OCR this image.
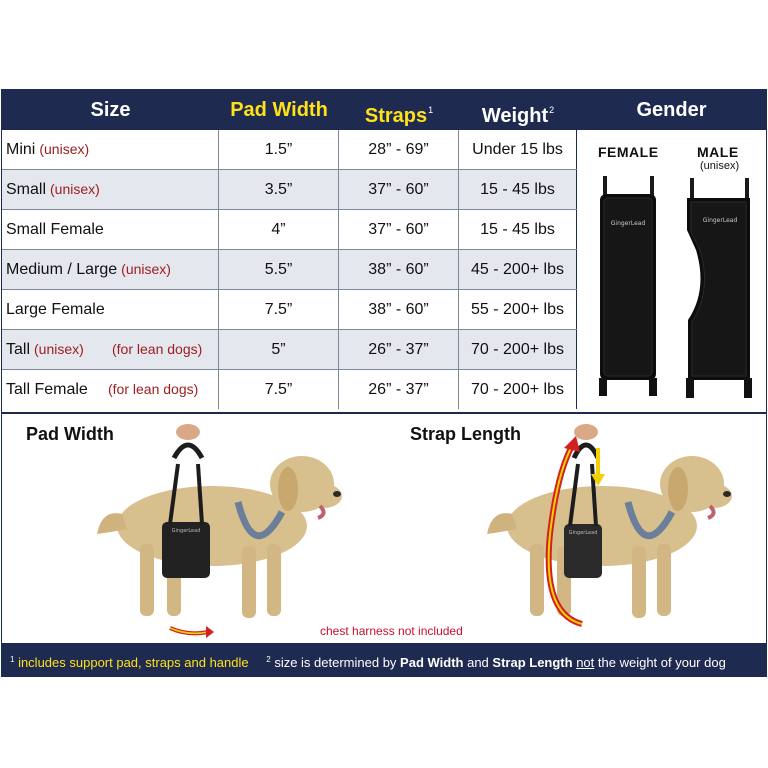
Size	Pad Width	Straps$^1$	Weight$^2$	Gender
Mini (unisex)	1.5”	28” - 69”	Under 15 lbs
Small (unisex)	3.5”	37” - 60”	15 - 45 lbs
Small Female	4”	37” - 60”	15 - 45 lbs
Medium / Large (unisex)	5.5”	38” - 60”	45 - 200+ lbs
Large Female	7.5”	38” - 60”	55 - 200+ lbs
Tall (unisex) (for lean dogs)	5”	26” - 37”	70 - 200+ lbs
Tall Female (for lean dogs)	7.5”	26” - 37”	70 - 200+ lbs
FEMALE	MALE
(unisex)
GingerLead	GingerLead
Pad Width	Strap Length
GingerLead	GingerLead
chest harness not included
$^1$ includes support pad, straps and handle $^2$ size is determined by Pad Width and Strap Length not the weight of your dog
